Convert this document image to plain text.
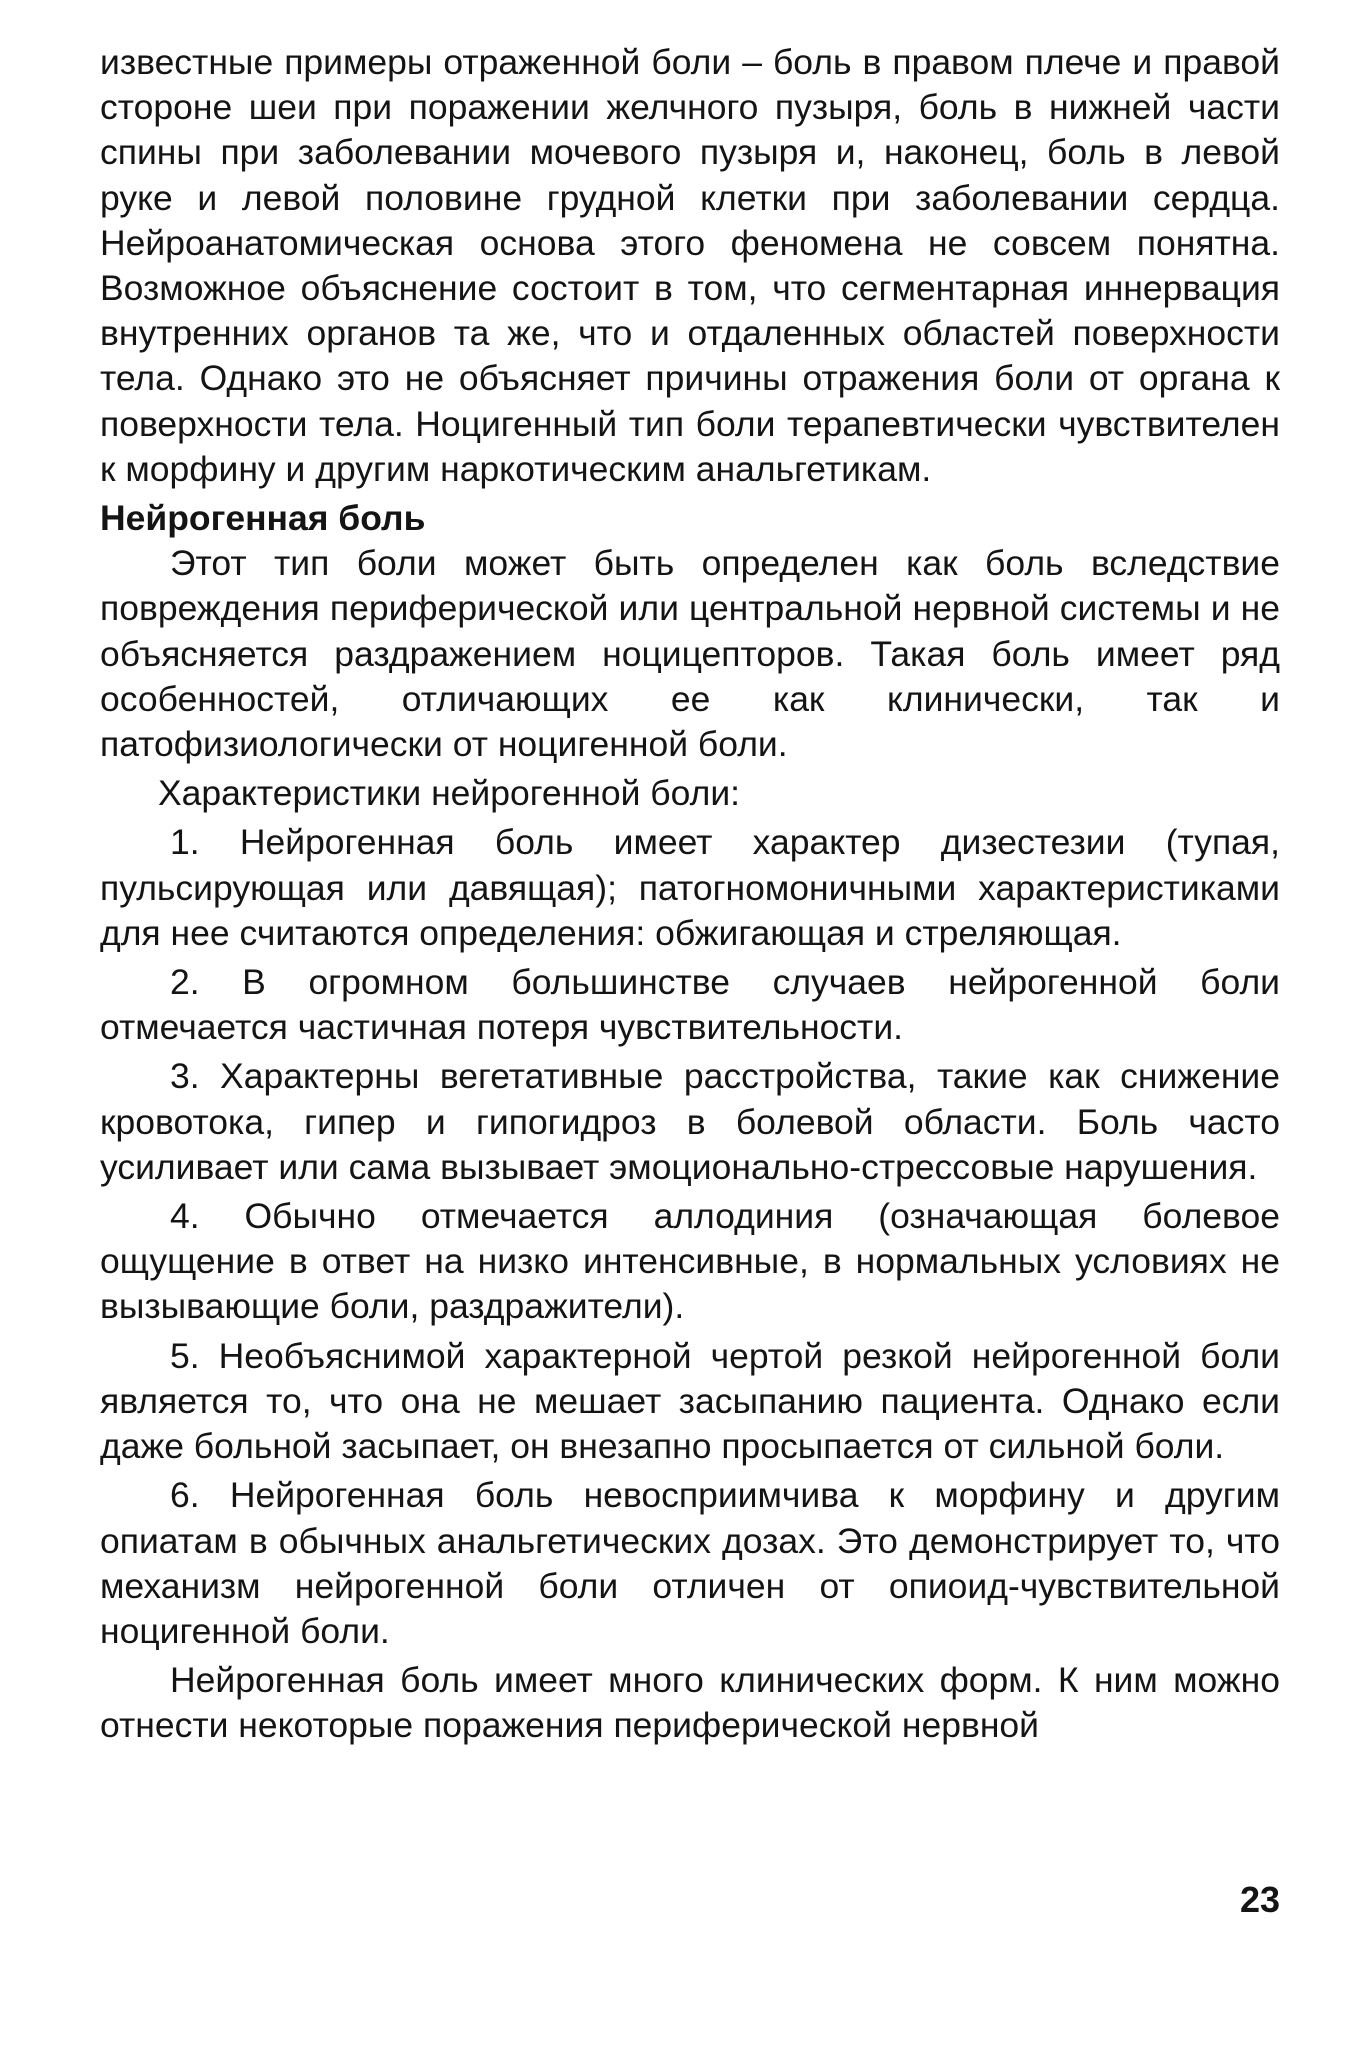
известные примеры отраженной боли – боль в правом плече и правой стороне шеи при поражении желчного пузыря, боль в нижней части спины при заболевании мочевого пузыря и, наконец, боль в левой руке и левой половине грудной клетки при заболевании сердца. Нейроанатомическая основа этого феномена не совсем понятна. Возможное объяснение состоит в том, что сегментарная иннервация внутренних органов та же, что и отдаленных областей поверхности тела. Однако это не объясняет причины отражения боли от органа к поверхности тела. Ноцигенный тип боли терапевтически чувствителен к морфину и другим наркотическим анальгетикам.

Нейрогенная боль

Этот тип боли может быть определен как боль вследствие повреждения периферической или центральной нервной системы и не объясняется раздражением ноцицепторов. Такая боль имеет ряд особенностей, отличающих ее как клинически, так и патофизиологически от ноцигенной боли.

Характеристики нейрогенной боли:

1. Нейрогенная боль имеет характер дизестезии (тупая, пульсирующая или давящая); патогномоничными характеристиками для нее считаются определения: обжигающая и стреляющая.

2. В огромном большинстве случаев нейрогенной боли отмечается частичная потеря чувствительности.

3. Характерны вегетативные расстройства, такие как снижение кровотока, гипер и гипогидроз в болевой области. Боль часто усиливает или сама вызывает эмоционально-стрессовые нарушения.

4. Обычно отмечается аллодиния (означающая болевое ощущение в ответ на низко интенсивные, в нормальных условиях не вызывающие боли, раздражители).

5. Необъяснимой характерной чертой резкой нейрогенной боли является то, что она не мешает засыпанию пациента. Однако если даже больной засыпает, он внезапно просыпается от сильной боли.

6. Нейрогенная боль невосприимчива к морфину и другим опиатам в обычных анальгетических дозах. Это демонстрирует то, что механизм нейрогенной боли отличен от опиоид-чувствительной ноцигенной боли.

Нейрогенная боль имеет много клинических форм. К ним можно отнести некоторые поражения периферической нервной

23
